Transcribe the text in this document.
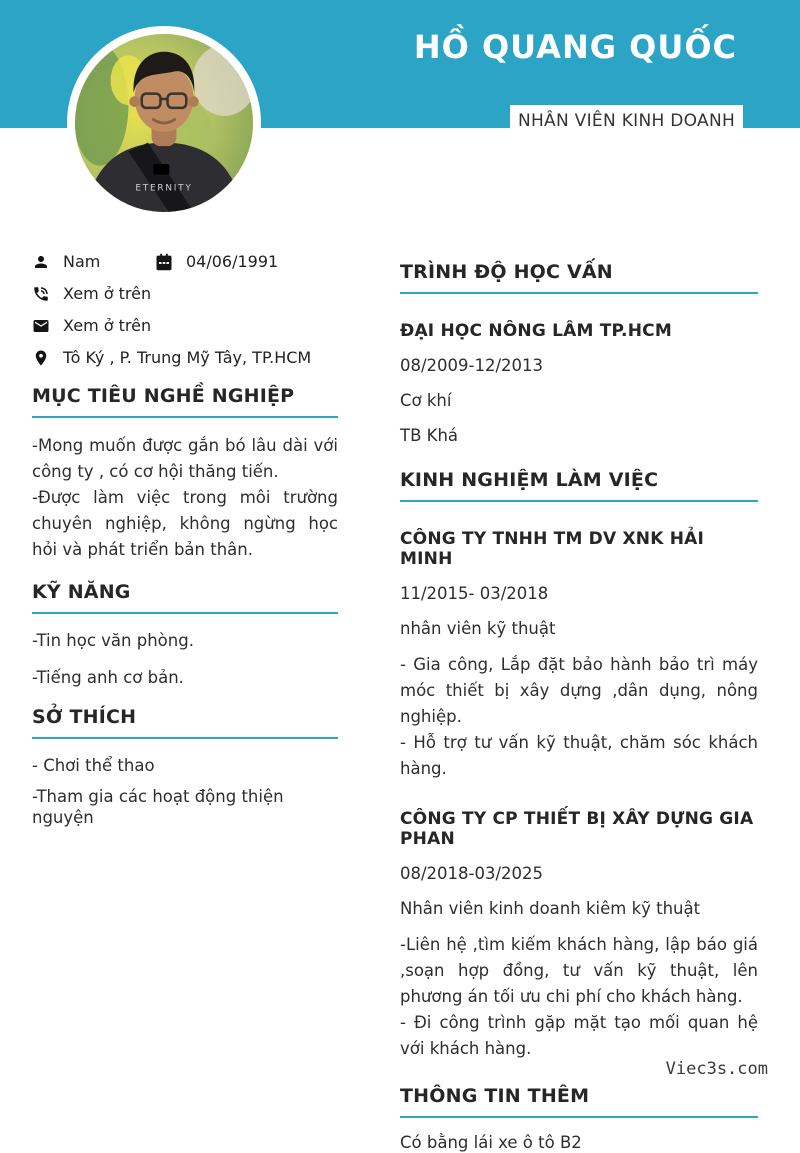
HỒ QUANG QUỐC
NHÂN VIÊN KINH DOANH
ETERNITY
Nam	04/06/1991
Xem ở trên
Xem ở trên
Tô Ký , P. Trung Mỹ Tây, TP.HCM
MỤC TIÊU NGHỀ NGHIỆP

-Mong muốn được gắn bó lâu dài với công ty , có cơ hội thăng tiến.

-Được làm việc trong môi trường chuyên nghiệp, không ngừng học hỏi và phát triển bản thân.

KỸ NĂNG

-Tin học văn phòng.

-Tiếng anh cơ bản.

SỞ THÍCH

- Chơi thể thao

-Tham gia các hoạt động thiện nguyện

TRÌNH ĐỘ HỌC VẤN
ĐẠI HỌC NÔNG LÂM TP.HCM

08/2009-12/2013

Cơ khí

TB Khá

KINH NGHIỆM LÀM VIỆC
CÔNG TY TNHH TM DV XNK HẢI MINH

11/2015- 03/2018

nhân viên kỹ thuật

- Gia công, Lắp đặt bảo hành bảo trì máy móc thiết bị xây dựng ,dân dụng, nông nghiệp.

- Hỗ trợ tư vấn kỹ thuật, chăm sóc khách hàng.

CÔNG TY CP THIẾT BỊ XÂY DỰNG GIA PHAN

08/2018-03/2025

Nhân viên kinh doanh kiêm kỹ thuật

-Liên hệ ,tìm kiếm khách hàng, lập báo giá ,soạn hợp đồng, tư vấn kỹ thuật, lên phương án tối ưu chi phí cho khách hàng.

- Đi công trình gặp mặt tạo mối quan hệ với khách hàng.

THÔNG TIN THÊM

Có bằng lái xe ô tô B2

Viec3s.com
